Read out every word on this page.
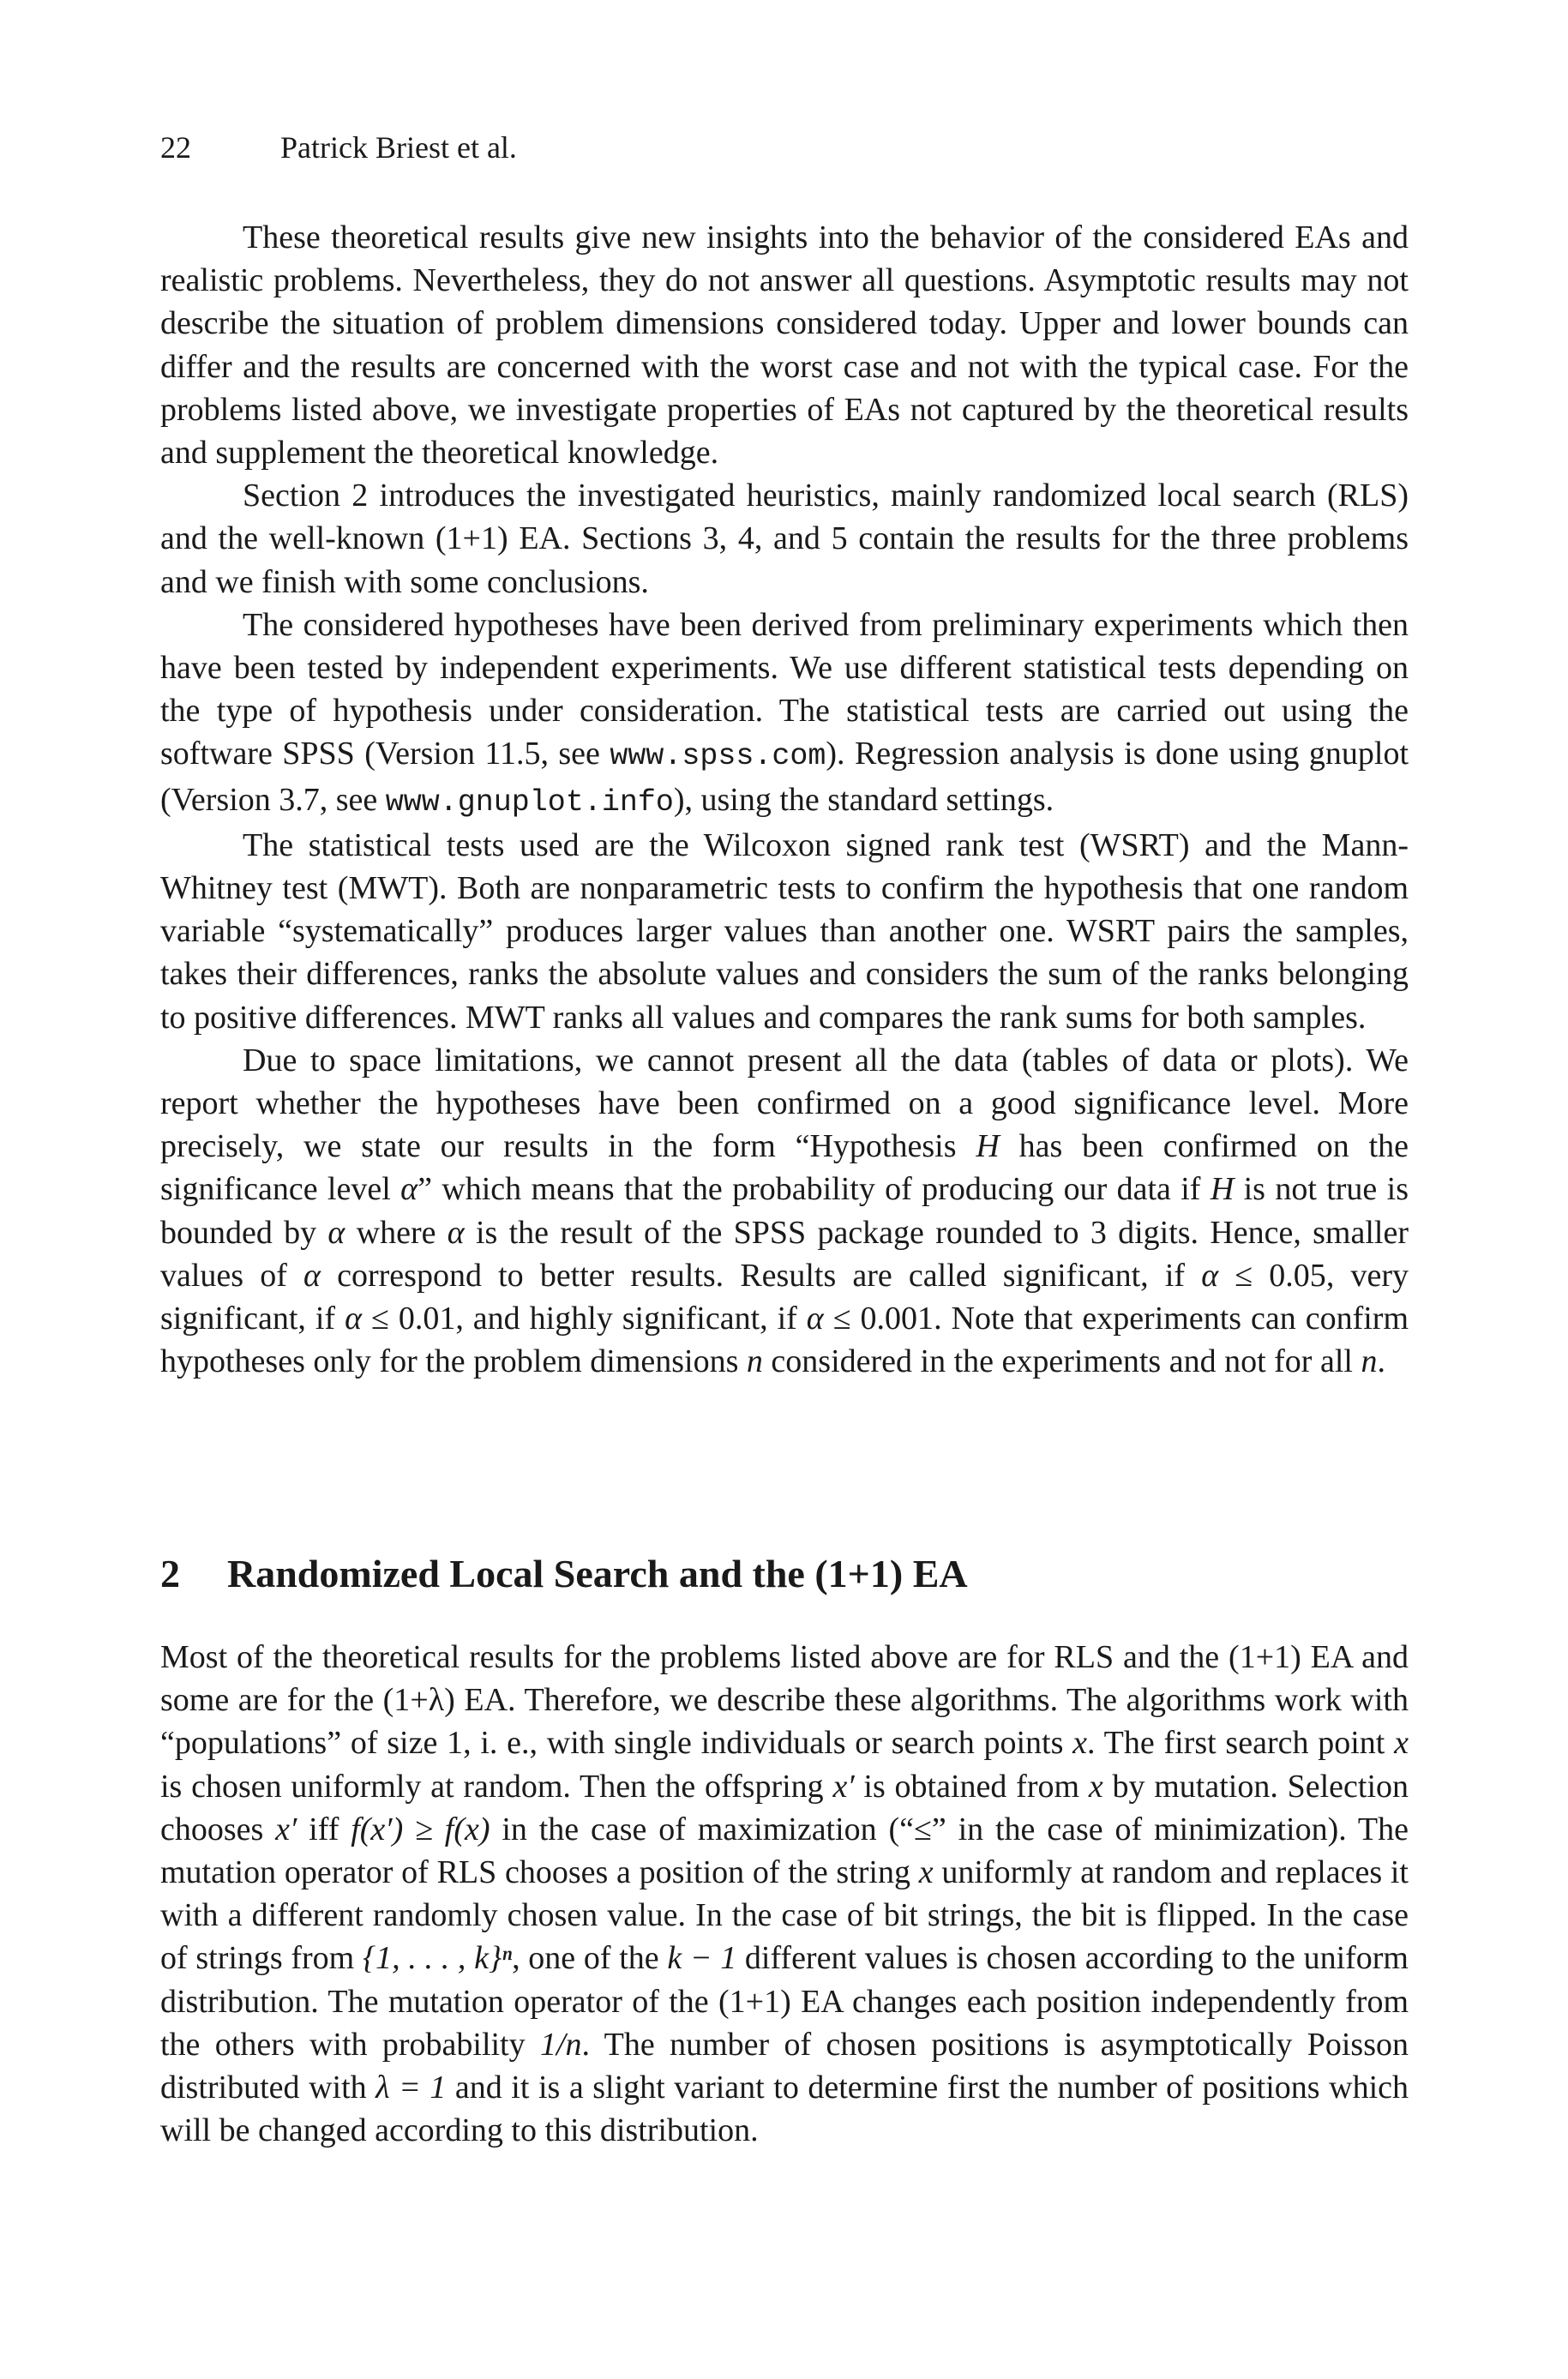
22	Patrick Briest et al.

These theoretical results give new insights into the behavior of the considered EAs and realistic problems. Nevertheless, they do not answer all questions. Asymptotic results may not describe the situation of problem dimensions considered today. Upper and lower bounds can differ and the results are concerned with the worst case and not with the typical case. For the problems listed above, we investigate properties of EAs not captured by the theoretical results and supplement the theoretical knowledge.

Section 2 introduces the investigated heuristics, mainly randomized local search (RLS) and the well-known (1+1) EA. Sections 3, 4, and 5 contain the results for the three problems and we finish with some conclusions.

The considered hypotheses have been derived from preliminary experiments which then have been tested by independent experiments. We use different statistical tests depending on the type of hypothesis under consideration. The statistical tests are carried out using the software SPSS (Version 11.5, see www.spss.com). Regression analysis is done using gnuplot (Version 3.7, see www.gnuplot.info), using the standard settings.

The statistical tests used are the Wilcoxon signed rank test (WSRT) and the Mann-Whitney test (MWT). Both are nonparametric tests to confirm the hypothesis that one random variable “systematically” produces larger values than another one. WSRT pairs the samples, takes their differences, ranks the absolute values and considers the sum of the ranks belonging to positive differences. MWT ranks all values and compares the rank sums for both samples.

Due to space limitations, we cannot present all the data (tables of data or plots). We report whether the hypotheses have been confirmed on a good significance level. More precisely, we state our results in the form “Hypothesis H has been confirmed on the significance level α” which means that the probability of producing our data if H is not true is bounded by α where α is the result of the SPSS package rounded to 3 digits. Hence, smaller values of α correspond to better results. Results are called significant, if α ≤ 0.05, very significant, if α ≤ 0.01, and highly significant, if α ≤ 0.001. Note that experiments can confirm hypotheses only for the problem dimensions n considered in the experiments and not for all n.

2 Randomized Local Search and the (1+1) EA

Most of the theoretical results for the problems listed above are for RLS and the (1+1) EA and some are for the (1+λ) EA. Therefore, we describe these algorithms. The algorithms work with “populations” of size 1, i. e., with single individuals or search points x. The first search point x is chosen uniformly at random. Then the offspring x′ is obtained from x by mutation. Selection chooses x′ iff f(x′) ≥ f(x) in the case of maximization (“≤” in the case of minimization). The mutation operator of RLS chooses a position of the string x uniformly at random and replaces it with a different randomly chosen value. In the case of bit strings, the bit is flipped. In the case of strings from {1, . . . , k}ⁿ, one of the k − 1 different values is chosen according to the uniform distribution. The mutation operator of the (1+1) EA changes each position independently from the others with probability 1/n. The number of chosen positions is asymptotically Poisson distributed with λ = 1 and it is a slight variant to determine first the number of positions which will be changed according to this distribution.
